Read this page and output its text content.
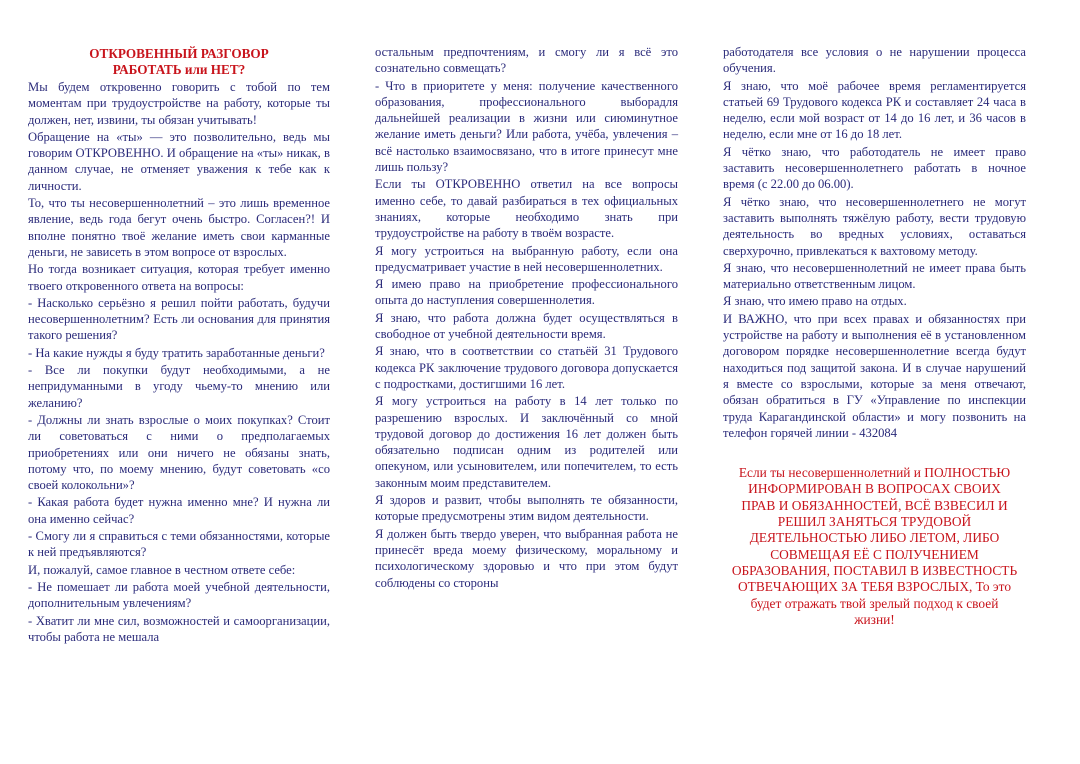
ОТКРОВЕННЫЙ РАЗГОВОР
РАБОТАТЬ или НЕТ?

Мы будем откровенно говорить с тобой по тем моментам при трудоустройстве на работу, которые ты должен, нет, извини, ты обязан учитывать!

Обращение на «ты» — это позволительно, ведь мы говорим ОТКРОВЕННО. И обращение на «ты» никак, в данном случае, не отменяет уважения к тебе как к личности.

То, что ты несовершеннолетний – это лишь временное явление, ведь года бегут очень быстро. Согласен?! И вполне понятно твоё желание иметь свои карманные деньги, не зависеть в этом вопросе от взрослых.

Но тогда возникает ситуация, которая требует именно твоего откровенного ответа на вопросы:

- Насколько серьёзно я решил пойти работать, будучи несовершеннолетним? Есть ли основания для принятия такого решения?

- На какие нужды я буду тратить заработанные деньги?

- Все ли покупки будут необходимыми, а не непридуманными в угоду чьему-то мнению или желанию?

- Должны ли знать взрослые о моих покупках? Стоит ли советоваться с ними о предполагаемых приобретениях или они ничего не обязаны знать, потому что, по моему мнению, будут советовать «со своей колокольни»?

- Какая работа будет нужна именно мне? И нужна ли она именно сейчас?

- Смогу ли я справиться с теми обязанностями, которые к ней предъявляются?

И, пожалуй, самое главное в честном ответе себе:

- Не помешает ли работа моей учебной деятельности, дополнительным увлечениям?

- Хватит ли мне сил, возможностей и самоорганизации, чтобы работа не мешала

остальным предпочтениям, и смогу ли я всё это сознательно совмещать?

- Что в приоритете у меня: получение качественного образования, профессионального выборадля дальнейшей реализации в жизни или сиюминутное желание иметь деньги? Или работа, учёба, увлечения – всё настолько взаимосвязано, что в итоге принесут мне лишь пользу?

Если ты ОТКРОВЕННО ответил на все вопросы именно себе, то давай разбираться в тех официальных знаниях, которые необходимо знать при трудоустройстве на работу в твоём возрасте.

Я могу устроиться на выбранную работу, если она предусматривает участие в ней несовершеннолетних.

Я имею право на приобретение профессионального опыта до наступления совершеннолетия.

Я знаю, что работа должна будет осуществляться в свободное от учебной деятельности время.

Я знаю, что в соответствии со статьёй 31 Трудового кодекса РК заключение трудового договора допускается с подростками, достигшими 16 лет.

Я могу устроиться на работу в 14 лет только по разрешению взрослых. И заключённый со мной трудовой договор до достижения 16 лет должен быть обязательно подписан одним из родителей или опекуном, или усыновителем, или попечителем, то есть законным моим представителем.

Я здоров и развит, чтобы выполнять те обязанности, которые предусмотрены этим видом деятельности.

Я должен быть твердо уверен, что выбранная работа не принесёт вреда моему физическому, моральному и психологическому здоровью и что при этом будут соблюдены со стороны

работодателя все условия о не нарушении процесса обучения.

Я знаю, что моё рабочее время регламентируется статьей 69 Трудового кодекса РК и составляет 24 часа в неделю, если мой возраст от 14 до 16 лет, и 36 часов в неделю, если мне от 16 до 18 лет.

Я чётко знаю, что работодатель не имеет право заставить несовершеннолетнего работать в ночное время (с 22.00 до 06.00).

Я чётко знаю, что несовершеннолетнего не могут заставить выполнять тяжёлую работу, вести трудовую деятельность во вредных условиях, оставаться сверхурочно, привлекаться к вахтовому методу.

Я знаю, что несовершеннолетний не имеет права быть материально ответственным лицом.

Я знаю, что имею право на отдых.

И ВАЖНО, что при всех правах и обязанностях при устройстве на работу и выполнения её в установленном договором порядке несовершеннолетние всегда будут находиться под защитой закона. И в случае нарушений я вместе со взрослыми, которые за меня отвечают, обязан обратиться в ГУ «Управление по инспекции труда Карагандинской области» и могу позвонить на телефон горячей линии - 432084

Если ты несовершеннолетний и ПОЛНОСТЬЮ ИНФОРМИРОВАН В ВОПРОСАХ СВОИХ ПРАВ И ОБЯЗАННОСТЕЙ, ВСЁ ВЗВЕСИЛ И РЕШИЛ ЗАНЯТЬСЯ ТРУДОВОЙ ДЕЯТЕЛЬНОСТЬЮ ЛИБО ЛЕТОМ, ЛИБО СОВМЕЩАЯ ЕЁ С ПОЛУЧЕНИЕМ ОБРАЗОВАНИЯ, ПОСТАВИЛ В ИЗВЕСТНОСТЬ ОТВЕЧАЮЩИХ ЗА ТЕБЯ ВЗРОСЛЫХ, То это будет отражать твой зрелый подход к своей жизни!
